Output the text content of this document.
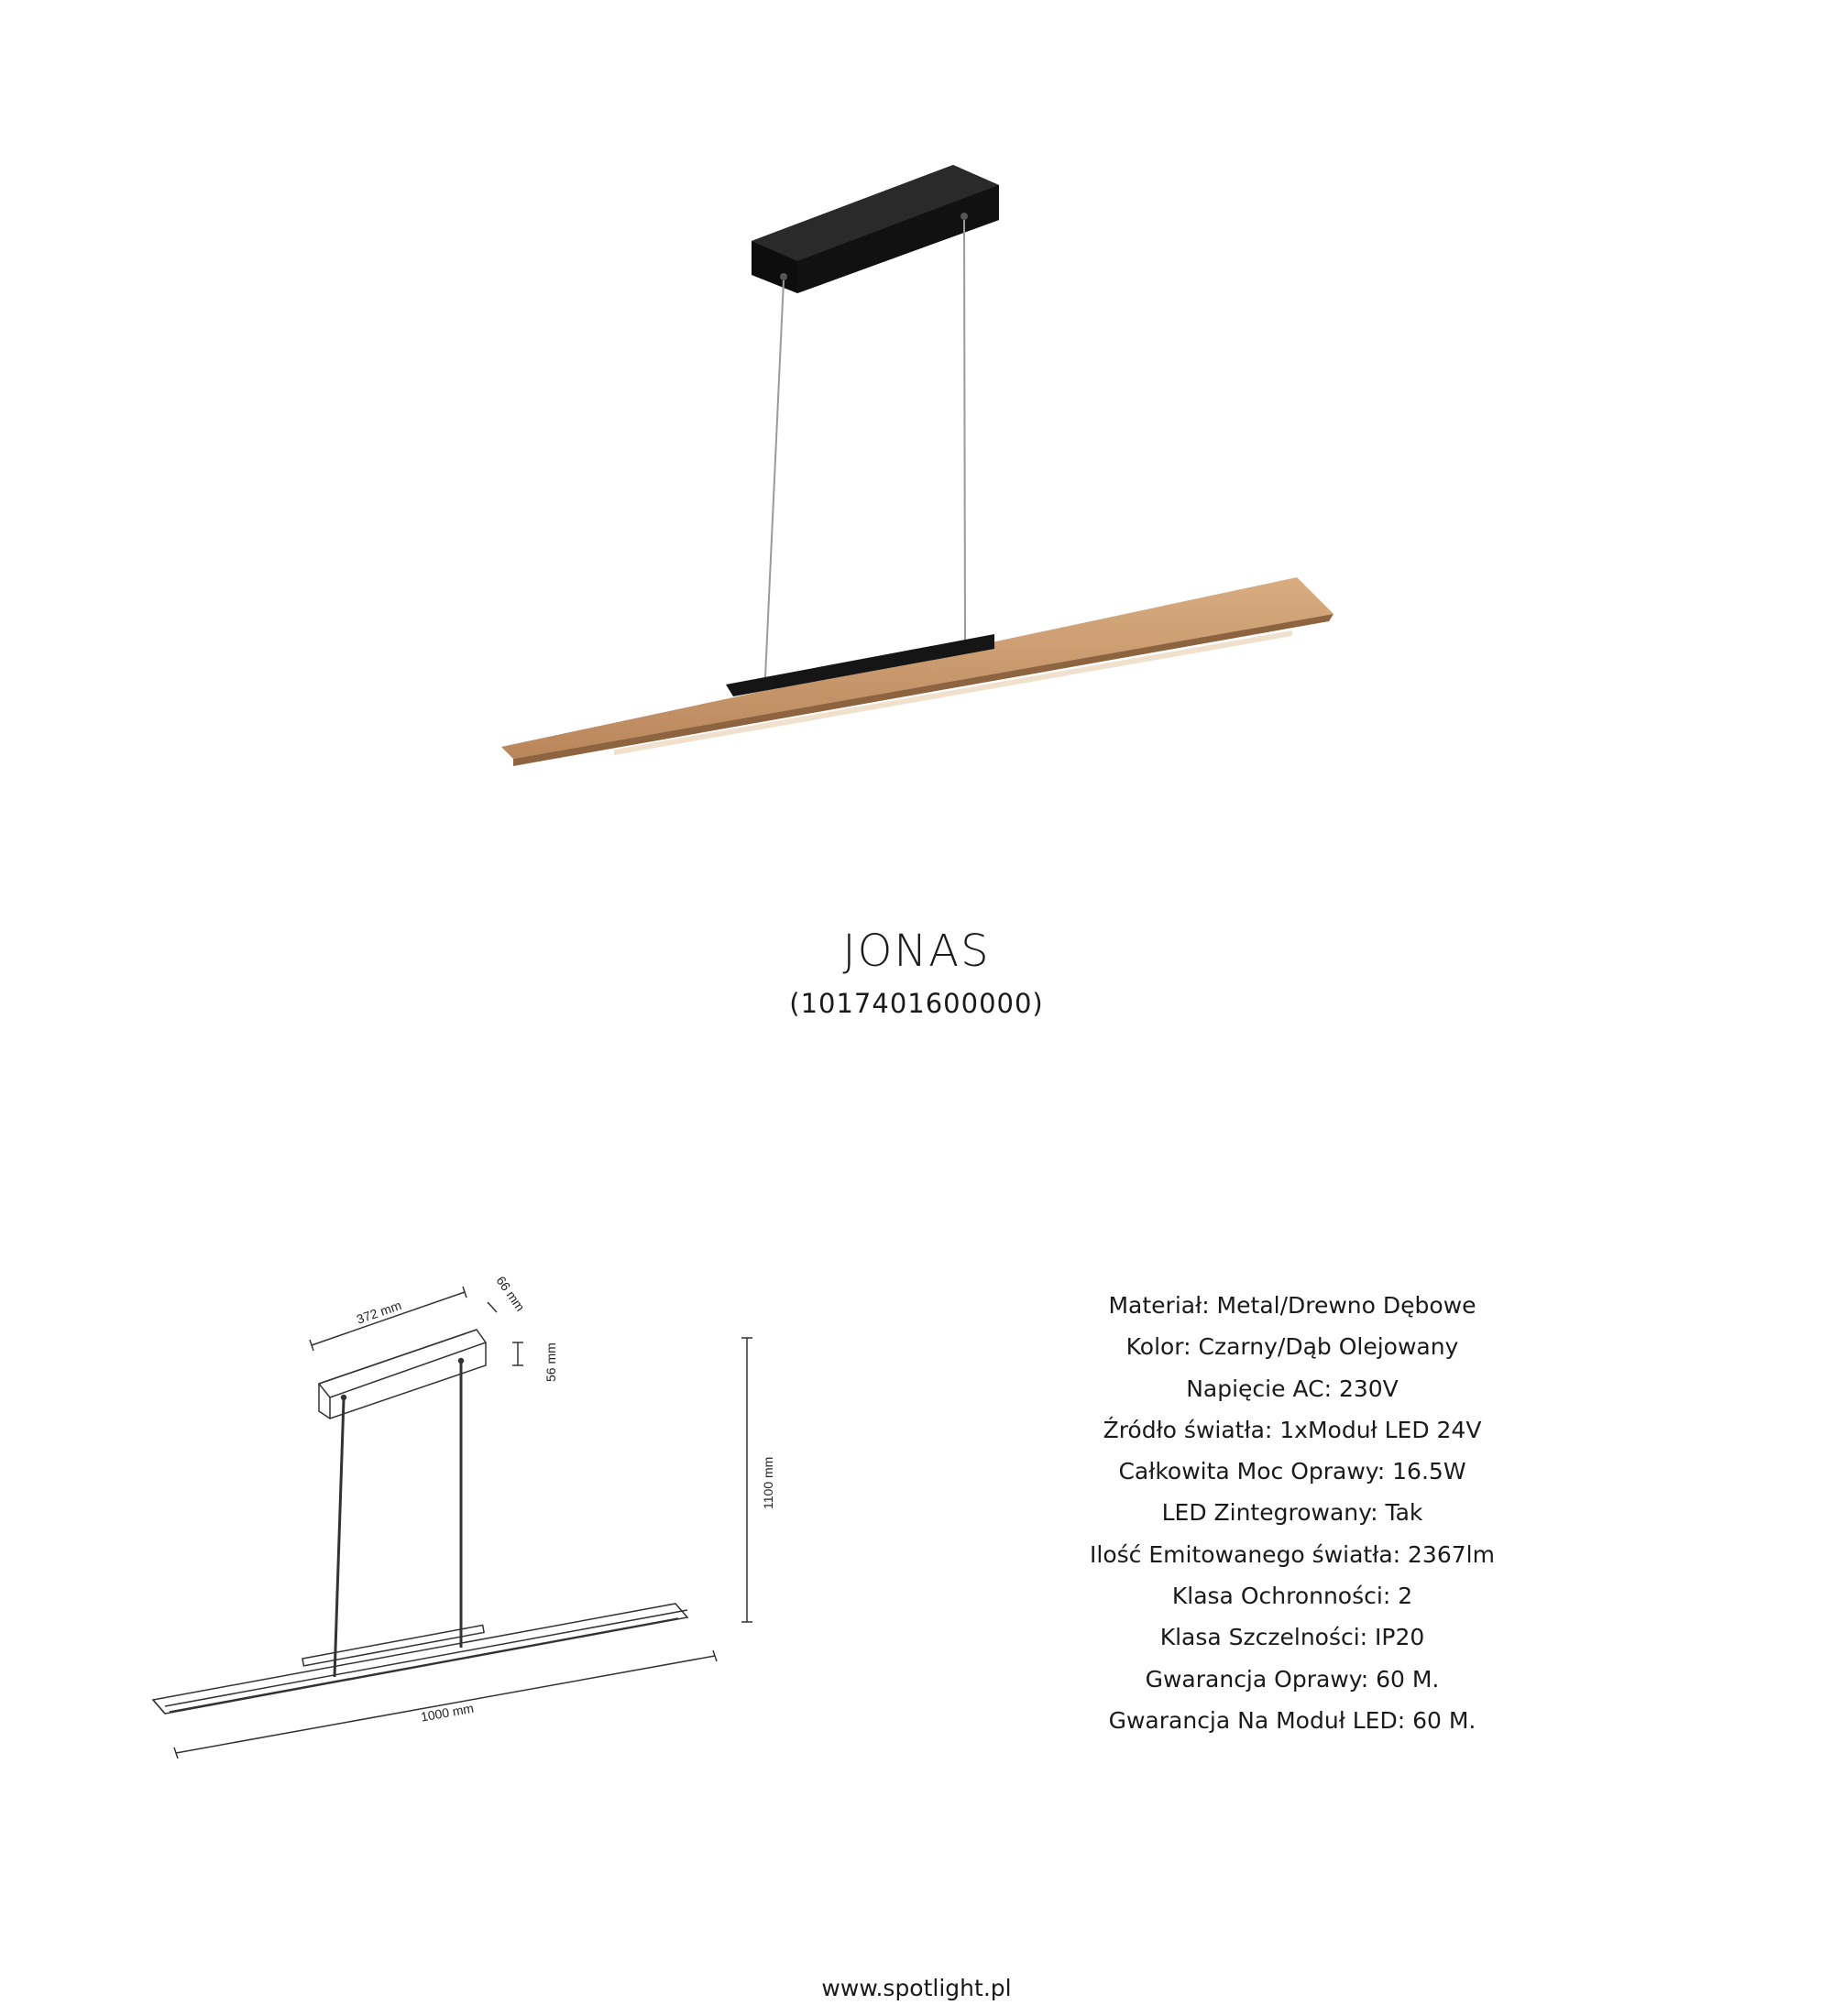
JONAS
(1017401600000)
372 mm	66 mm
56 mm
1100 mm
1000 mm
Materiał: Metal/Drewno Dębowe
Kolor: Czarny/Dąb Olejowany
Napięcie AC: 230V
Źródło światła: 1xModuł LED 24V
Całkowita Moc Oprawy: 16.5W
LED Zintegrowany: Tak
Ilość Emitowanego światła: 2367lm
Klasa Ochronności: 2
Klasa Szczelności: IP20
Gwarancja Oprawy: 60 M.
Gwarancja Na Moduł LED: 60 M.
www.spotlight.pl
